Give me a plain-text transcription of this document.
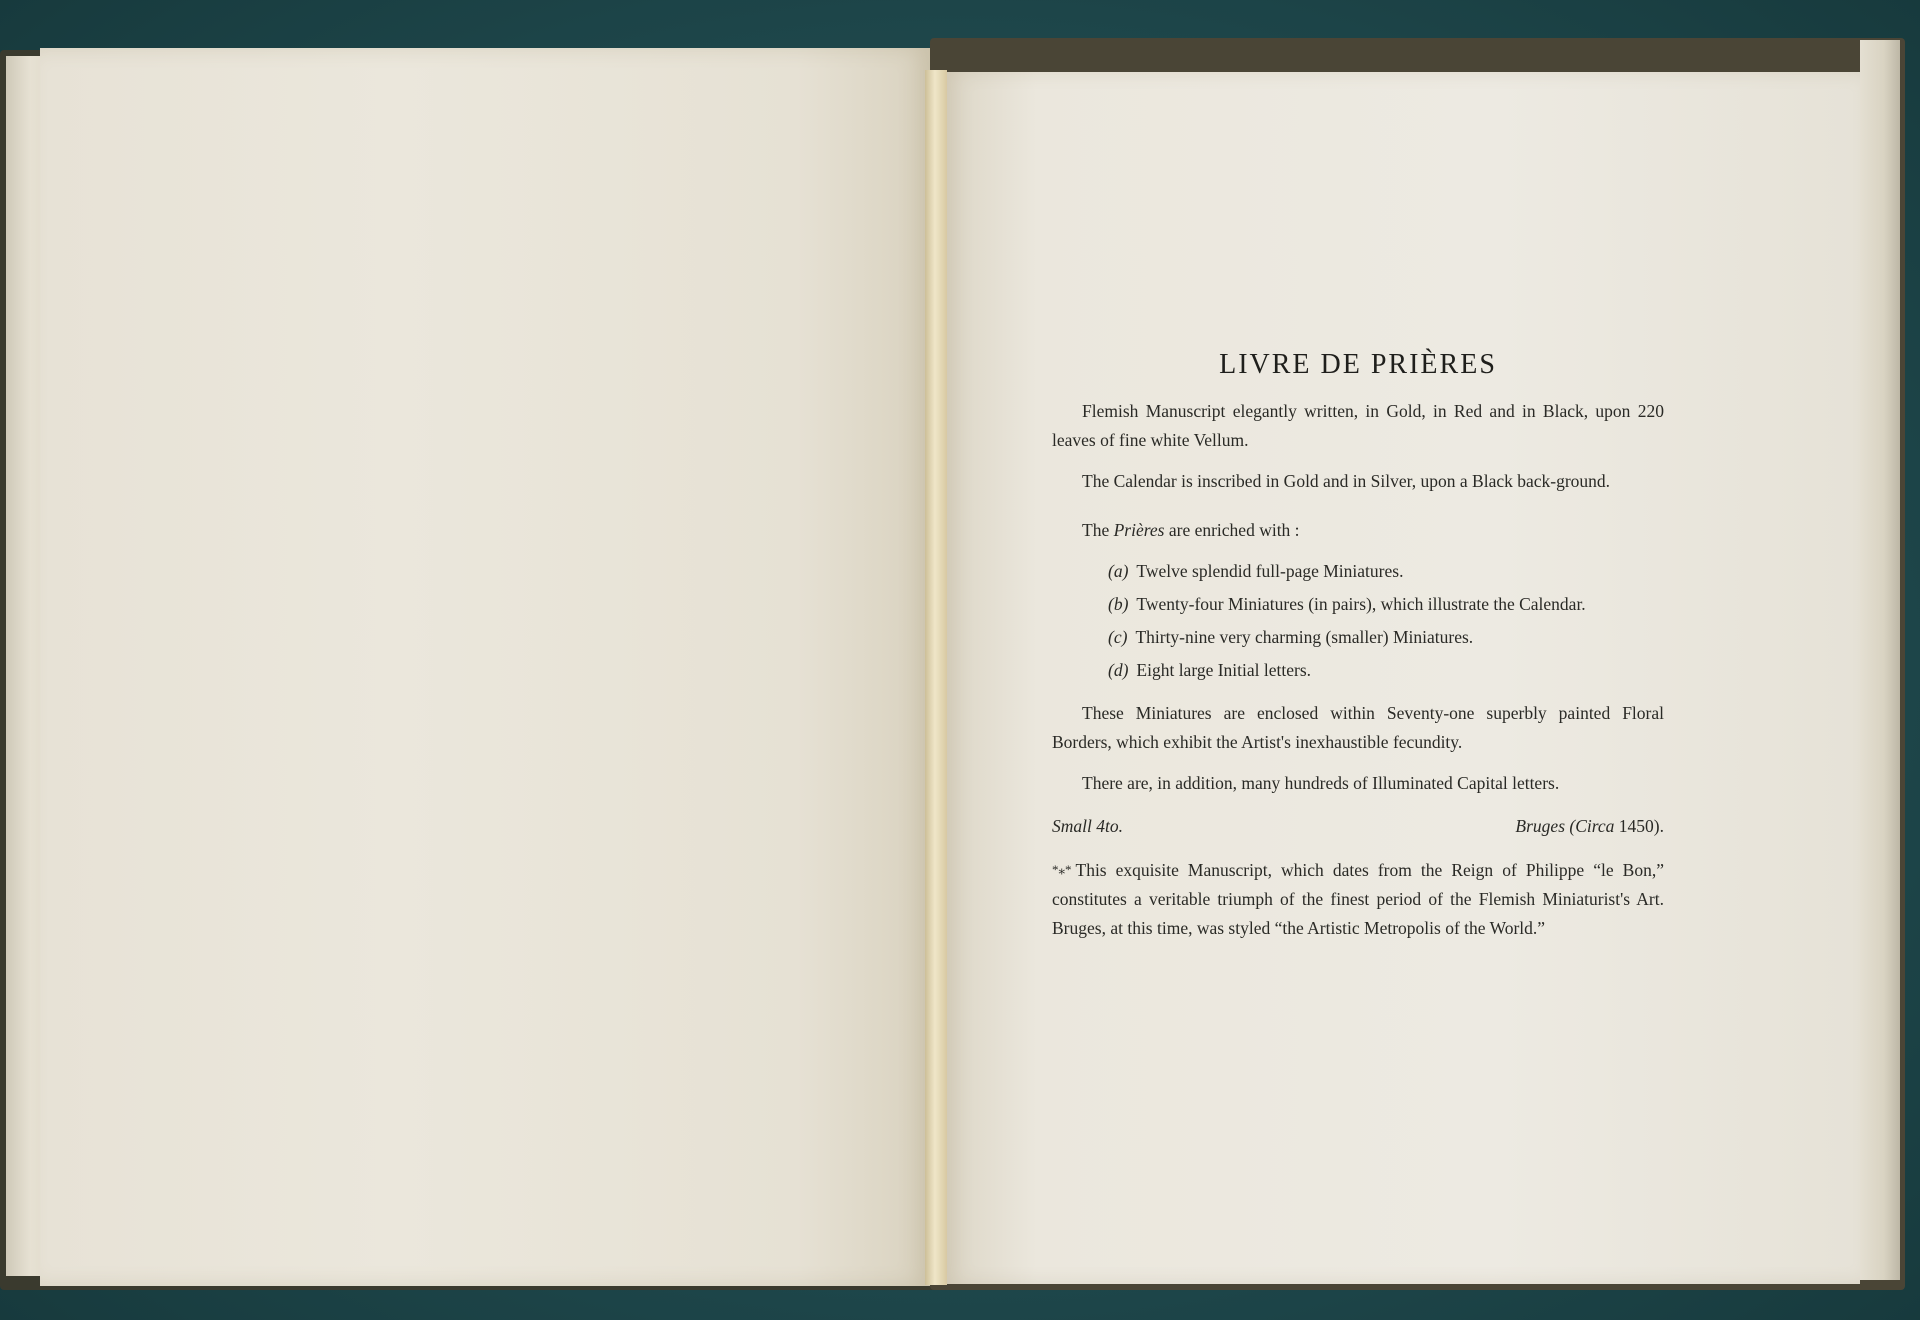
LIVRE DE PRIÈRES

Flemish Manuscript elegantly written, in Gold, in Red and in Black, upon 220 leaves of fine white Vellum.

The Calendar is inscribed in Gold and in Silver, upon a Black back-ground.

The Prières are enriched with :

(a) Twelve splendid full-page Miniatures.
(b) Twenty-four Miniatures (in pairs), which illustrate the Calendar.
(c) Thirty-nine very charming (smaller) Miniatures.
(d) Eight large Initial letters.

These Miniatures are enclosed within Seventy-one superbly painted Floral Borders, which exhibit the Artist's inexhaustible fecundity.

There are, in addition, many hundreds of Illuminated Capital letters.

Small 4to.	Bruges (Circa 1450).

*⁎* This exquisite Manuscript, which dates from the Reign of Philippe “le Bon,” constitutes a veritable triumph of the finest period of the Flemish Miniaturist's Art. Bruges, at this time, was styled “the Artistic Metropolis of the World.”
